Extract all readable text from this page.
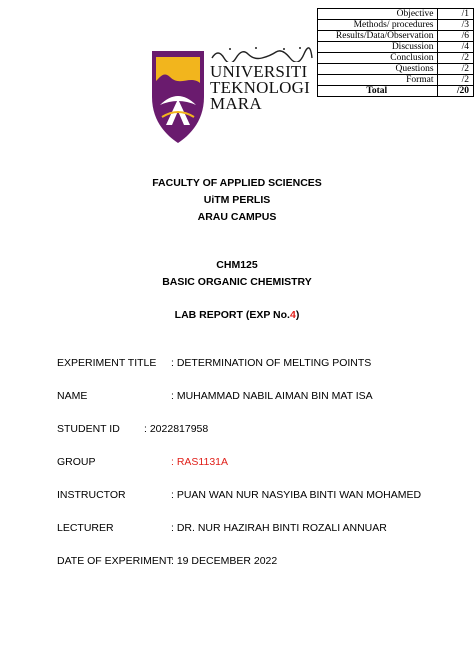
UNIVERSITI
TEKNOLOGI
MARA
Objective	/1
Methods/ procedures	/3
Results/Data/Observation	/6
Discussion	/4
Conclusion	/2
Questions	/2
Format	/2
Total	/20
FACULTY OF APPLIED SCIENCES
UiTM PERLIS
ARAU CAMPUS
CHM125
BASIC ORGANIC CHEMISTRY
LAB REPORT (EXP No.4)
EXPERIMENT TITLE : DETERMINATION OF MELTING POINTS
NAME	: MUHAMMAD NABIL AIMAN BIN MAT ISA
STUDENT ID : 2022817958
GROUP	: RAS1131A
INSTRUCTOR	: PUAN WAN NUR NASYIBA BINTI WAN MOHAMED
LECTURER	: DR. NUR HAZIRAH BINTI ROZALI ANNUAR
DATE OF EXPERIMENT
: 19 DECEMBER 2022
